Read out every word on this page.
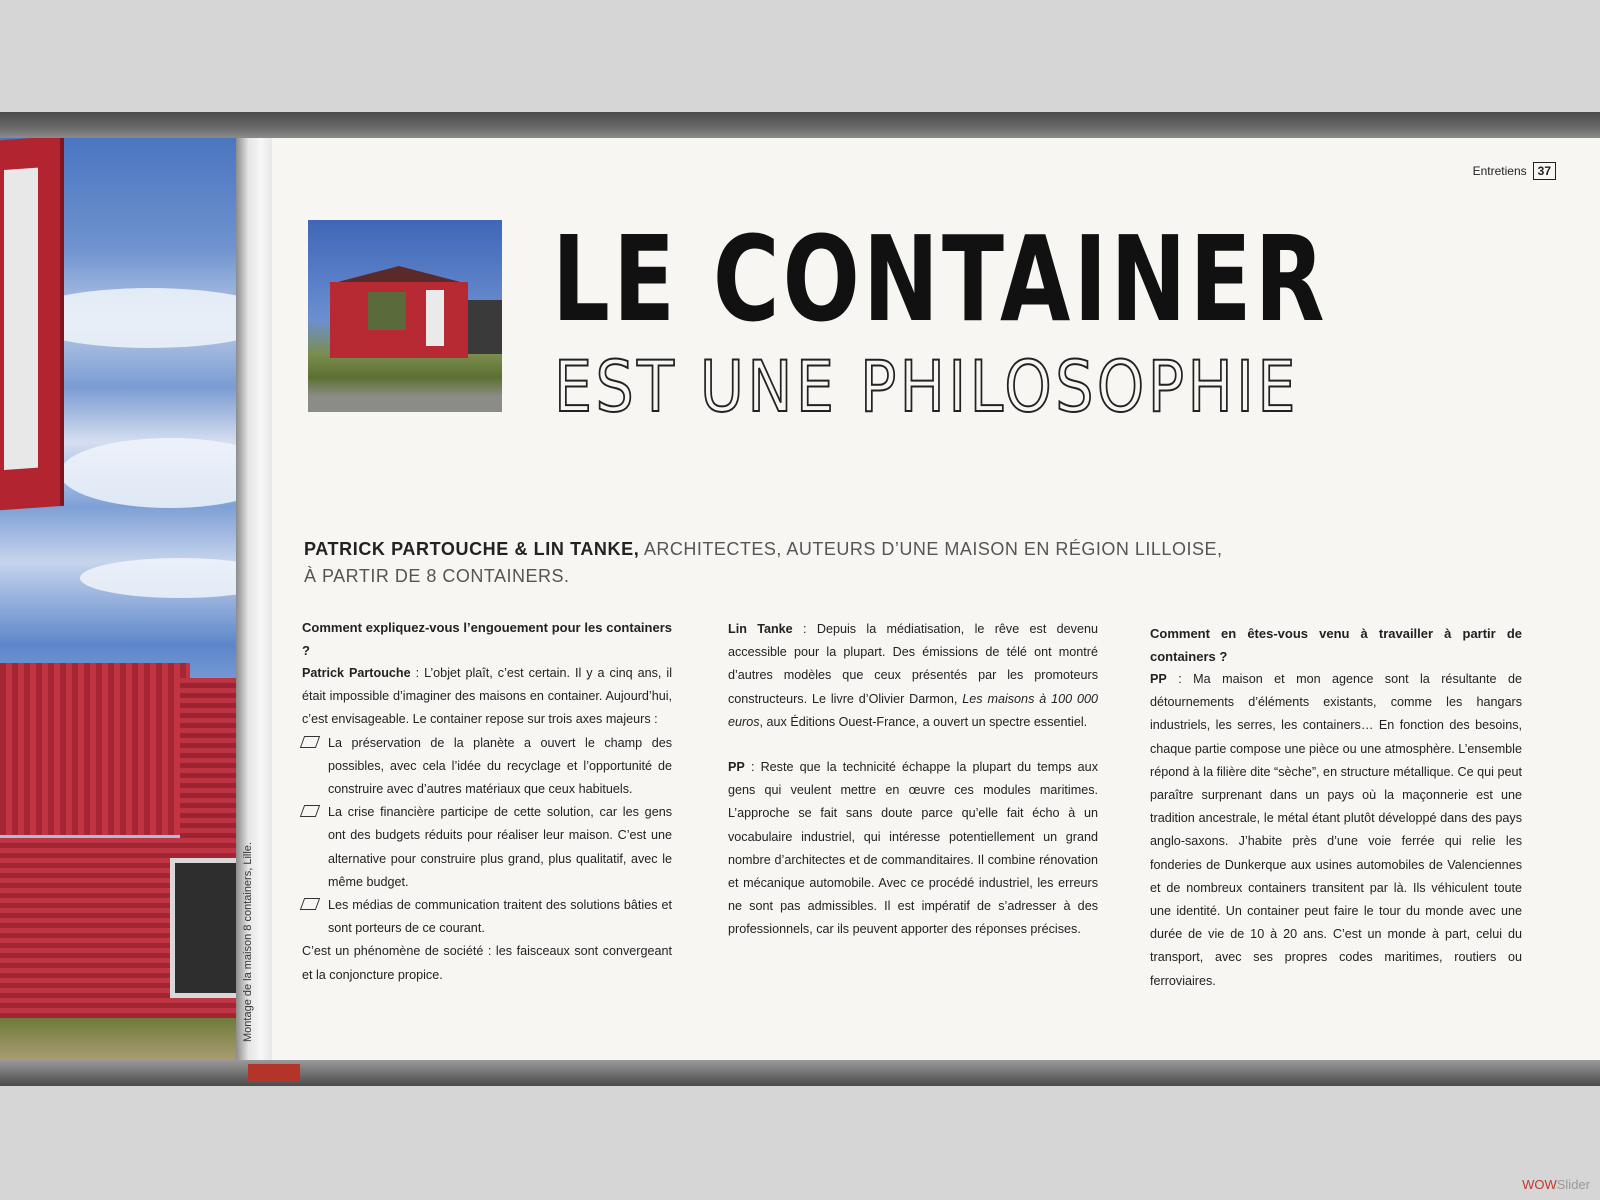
Montage de la maison 8 containers, Lille.
Entretiens 37
LE CONTAINER
EST UNE PHILOSOPHIE
PATRICK PARTOUCHE & LIN TANKE, ARCHITECTES, AUTEURS D’UNE MAISON EN RÉGION LILLOISE,
À PARTIR DE 8 CONTAINERS.

Comment expliquez-vous l’engouement pour les containers ?

Patrick Partouche : L’objet plaît, c’est certain. Il y a cinq ans, il était impossible d’imaginer des maisons en container. Aujourd’hui, c’est envisageable. Le container repose sur trois axes majeurs :

La préservation de la planète a ouvert le champ des possibles, avec cela l’idée du recyclage et l’opportunité de construire avec d’autres matériaux que ceux habituels.
La crise financière participe de cette solution, car les gens ont des budgets réduits pour réaliser leur maison. C’est une alternative pour construire plus grand, plus qualitatif, avec le même budget.
Les médias de communication traitent des solutions bâties et sont porteurs de ce courant.

C’est un phénomène de société : les faisceaux sont convergeant et la conjoncture propice.

Lin Tanke : Depuis la médiatisation, le rêve est devenu accessible pour la plupart. Des émissions de télé ont montré d’autres modèles que ceux présentés par les promoteurs constructeurs. Le livre d’Olivier Darmon, Les maisons à 100 000 euros, aux Éditions Ouest-France, a ouvert un spectre essentiel.

PP : Reste que la technicité échappe la plupart du temps aux gens qui veulent mettre en œuvre ces modules maritimes. L’approche se fait sans doute parce qu’elle fait écho à un vocabulaire industriel, qui intéresse potentiellement un grand nombre d’architectes et de commanditaires. Il combine rénovation et mécanique automobile. Avec ce procédé industriel, les erreurs ne sont pas admissibles. Il est impératif de s’adresser à des professionnels, car ils peuvent apporter des réponses précises.

Comment en êtes-vous venu à travailler à partir de containers ?

PP : Ma maison et mon agence sont la résultante de détournements d’éléments existants, comme les hangars industriels, les serres, les containers… En fonction des besoins, chaque partie compose une pièce ou une atmosphère. L’ensemble répond à la filière dite “sèche”, en structure métallique. Ce qui peut paraître surprenant dans un pays où la maçonnerie est une tradition ancestrale, le métal étant plutôt développé dans des pays anglo-saxons. J’habite près d’une voie ferrée qui relie les fonderies de Dunkerque aux usines automobiles de Valenciennes et de nombreux containers transitent par là. Ils véhiculent toute une identité. Un container peut faire le tour du monde avec une durée de vie de 10 à 20 ans. C’est un monde à part, celui du transport, avec ses propres codes maritimes, routiers ou ferroviaires.

WOWSlider
